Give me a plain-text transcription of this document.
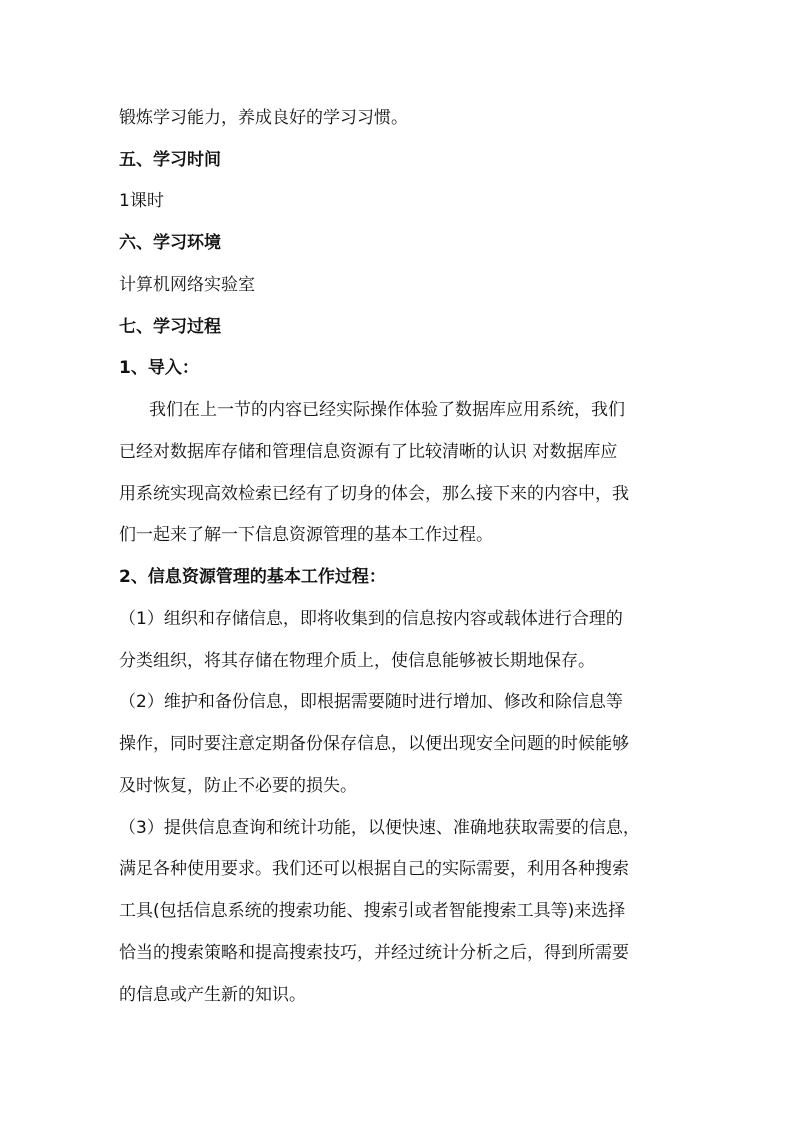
锻炼学习能力，养成良好的学习习惯。
五、学习时间
1课时
六、学习环境
计算机网络实验室
七、学习过程
1、导入：
我们在上一节的内容已经实际操作体验了数据库应用系统，我们
已经对数据库存储和管理信息资源有了比较清晰的认识 对数据库应
用系统实现高效检索已经有了切身的体会，那么接下来的内容中，我
们一起来了解一下信息资源管理的基本工作过程。
2、信息资源管理的基本工作过程：
（1）组织和存储信息，即将收集到的信息按内容或载体进行合理的
分类组织，将其存储在物理介质上，使信息能够被长期地保存。
（2）维护和备份信息，即根据需要随时进行增加、修改和除信息等
操作，同时要注意定期备份保存信息，以便出现安全问题的时候能够
及时恢复，防止不必要的损失。
（3）提供信息查询和统计功能，以便快速、准确地获取需要的信息，
满足各种使用要求。我们还可以根据自己的实际需要，利用各种搜索
工具(包括信息系统的搜索功能、搜索引或者智能搜索工具等)来选择
恰当的搜索策略和提高搜索技巧，并经过统计分析之后，得到所需要
的信息或产生新的知识。
